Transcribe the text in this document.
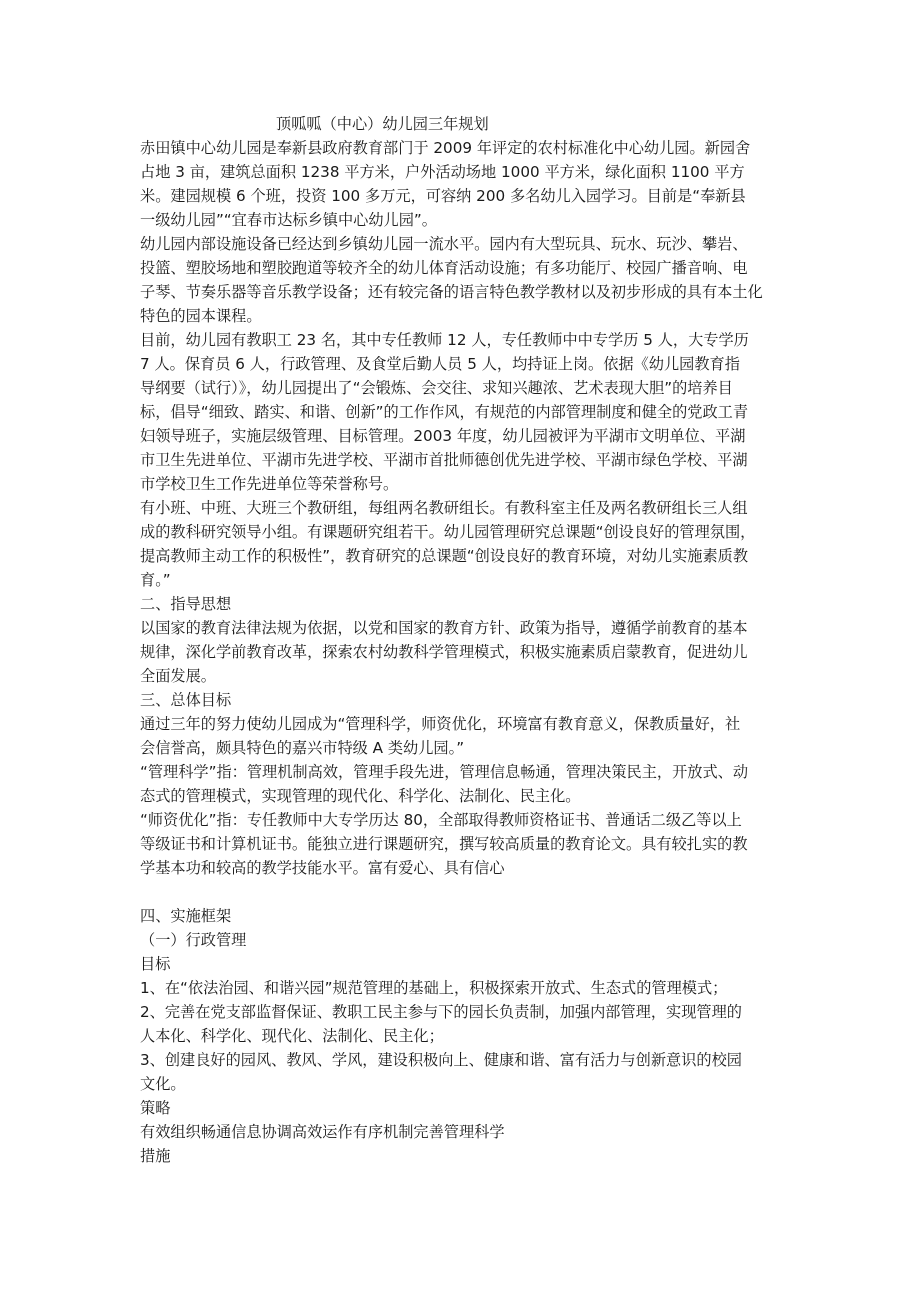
顶呱呱（中心）幼儿园三年规划
赤田镇中心幼儿园是奉新县政府教育部门于 2009 年评定的农村标准化中心幼儿园。新园舍
占地 3 亩，建筑总面积 1238 平方米，户外活动场地 1000 平方米，绿化面积 1100 平方
米。建园规模 6 个班，投资 100 多万元，可容纳 200 多名幼儿入园学习。目前是“奉新县
一级幼儿园”“宜春市达标乡镇中心幼儿园”。
幼儿园内部设施设备已经达到乡镇幼儿园一流水平。园内有大型玩具、玩水、玩沙、攀岩、
投篮、塑胶场地和塑胶跑道等较齐全的幼儿体育活动设施；有多功能厅、校园广播音响、电
子琴、节奏乐器等音乐教学设备；还有较完备的语言特色教学教材以及初步形成的具有本土化
特色的园本课程。
目前，幼儿园有教职工 23 名，其中专任教师 12 人，专任教师中中专学历 5 人，大专学历
7 人。保育员 6 人，行政管理、及食堂后勤人员 5 人，均持证上岗。依据《幼儿园教育指
导纲要（试行）》，幼儿园提出了“会锻炼、会交往、求知兴趣浓、艺术表现大胆”的培养目
标，倡导“细致、踏实、和谐、创新”的工作作风，有规范的内部管理制度和健全的党政工青
妇领导班子，实施层级管理、目标管理。2003 年度，幼儿园被评为平湖市文明单位、平湖
市卫生先进单位、平湖市先进学校、平湖市首批师德创优先进学校、平湖市绿色学校、平湖
市学校卫生工作先进单位等荣誉称号。
有小班、中班、大班三个教研组，每组两名教研组长。有教科室主任及两名教研组长三人组
成的教科研究领导小组。有课题研究组若干。幼儿园管理研究总课题“创设良好的管理氛围，
提高教师主动工作的积极性”，教育研究的总课题“创设良好的教育环境，对幼儿实施素质教
育。”
二、指导思想
以国家的教育法律法规为依据，以党和国家的教育方针、政策为指导，遵循学前教育的基本
规律，深化学前教育改革，探索农村幼教科学管理模式，积极实施素质启蒙教育，促进幼儿
全面发展。
三、总体目标
通过三年的努力使幼儿园成为“管理科学，师资优化，环境富有教育意义，保教质量好，社
会信誉高，颇具特色的嘉兴市特级 A 类幼儿园。”
“管理科学”指：管理机制高效，管理手段先进，管理信息畅通，管理决策民主，开放式、动
态式的管理模式，实现管理的现代化、科学化、法制化、民主化。
“师资优化”指：专任教师中大专学历达 80，全部取得教师资格证书、普通话二级乙等以上
等级证书和计算机证书。能独立进行课题研究，撰写较高质量的教育论文。具有较扎实的教
学基本功和较高的教学技能水平。富有爱心、具有信心
四、实施框架
（一）行政管理
目标
1、在“依法治园、和谐兴园”规范管理的基础上，积极探索开放式、生态式的管理模式；
2、完善在党支部监督保证、教职工民主参与下的园长负责制，加强内部管理，实现管理的
人本化、科学化、现代化、法制化、民主化；
3、创建良好的园风、教风、学风，建设积极向上、健康和谐、富有活力与创新意识的校园
文化。
策略
有效组织畅通信息协调高效运作有序机制完善管理科学
措施
